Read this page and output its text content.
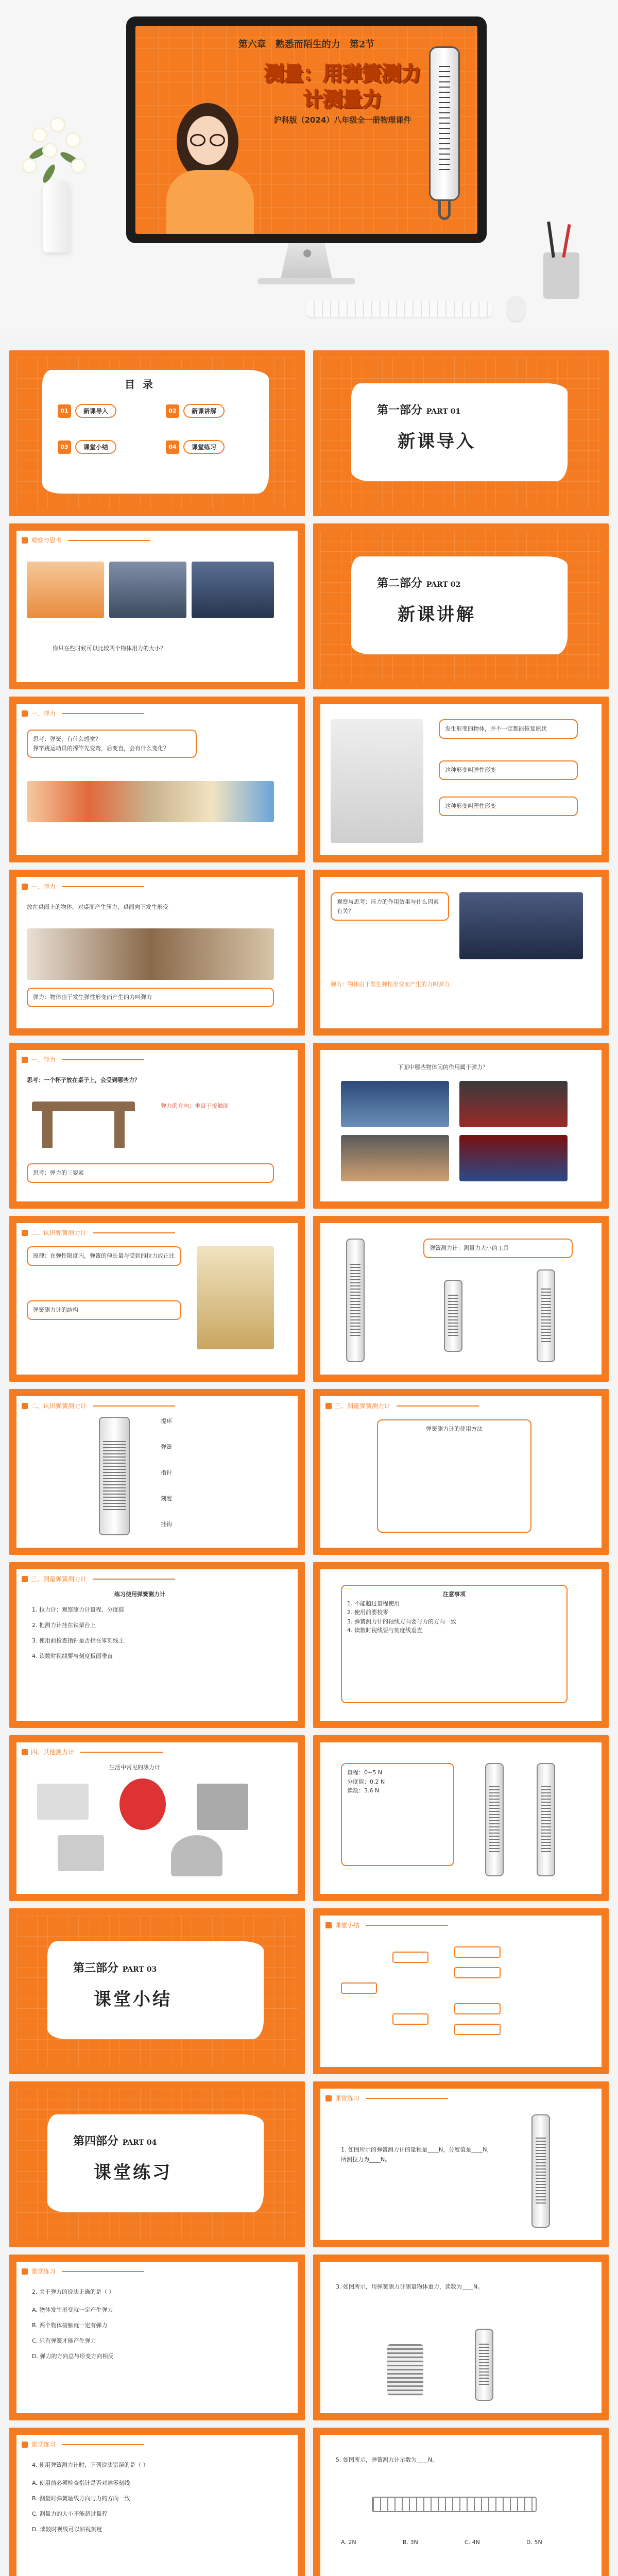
第六章　熟悉而陌生的力　第2节
测量：用弹簧测力
计测量力
沪科版（2024）八年级全一册物理课件
●
目 录
01	新课导入	02	新课讲解
03	课堂小结	04	课堂练习
第一部分 PART 01
新课导入
观察与思考
你只在些时候可以比较两个物体用力的大小？
第二部分 PART 02
新课讲解
一、弹力
思考：弹簧，有什么感觉？
撑竿跳运动员的撑竿先变弯，后变直，会有什么变化？
发生形变的物体，并不一定都能恢复原状
这种形变叫弹性形变
这种形变叫塑性形变
一、弹力
放在桌面上的物体，对桌面产生压力，桌面向下发生形变
弹力：物体由于发生弹性形变而产生的力叫弹力
观察与思考：压力的作用效果与什么因素有关？
弹力：物体由于发生弹性形变而产生的力叫弹力
一、弹力
思考：一个杯子放在桌子上，会受到哪些力？
弹力的方向：垂直于接触面
思考：弹力的三要素
下面中哪些物体间的作用属于弹力？
二、认识弹簧测力计
原理：在弹性限度内，弹簧的伸长量与受到的拉力成正比
弹簧测力计的结构
弹簧测力计：测量力大小的工具
二、认识弹簧测力计
提环
弹簧
指针
刻度
挂钩
三、测量弹簧测力计
弹簧测力计的使用方法
三、测量弹簧测力计
练习使用弹簧测力计
1. 拉力计：观察测力计量程、分度值
2. 把测力计挂在铁架台上
3. 使用前检查指针是否指在零刻线上
4. 读数时视线要与刻度板面垂直
注意事项
1. 不能超过量程使用
2. 使用前要校零
3. 弹簧测力计的轴线方向要与力的方向一致
4. 读数时视线要与刻度线垂直
四、其他测力计
生活中常见的测力计
量程：0~5 N
分度值：0.2 N
读数：3.6 N
第三部分 PART 03
课堂小结
课堂小结
第四部分 PART 04
课堂练习
课堂练习
1. 如图所示的弹簧测力计的量程是____N，分度值是____N，所测拉力为____N。
课堂练习
2. 关于弹力的说法正确的是（ ）
A. 物体发生形变就一定产生弹力
B. 两个物体接触就一定有弹力
C. 只有弹簧才能产生弹力
D. 弹力的方向总与形变方向相反
3. 如图所示，用弹簧测力计测量物体重力，读数为____N。
课堂练习
4. 使用弹簧测力计时，下列说法错误的是（ ）
A. 使用前必须检查指针是否对准零刻线
B. 测量时弹簧轴线方向与力的方向一致
C. 测量力的大小不能超过量程
D. 读数时视线可以斜视刻度
5. 如图所示，弹簧测力计示数为____N。
A. 2N	B. 3N	C. 4N	D. 5N
